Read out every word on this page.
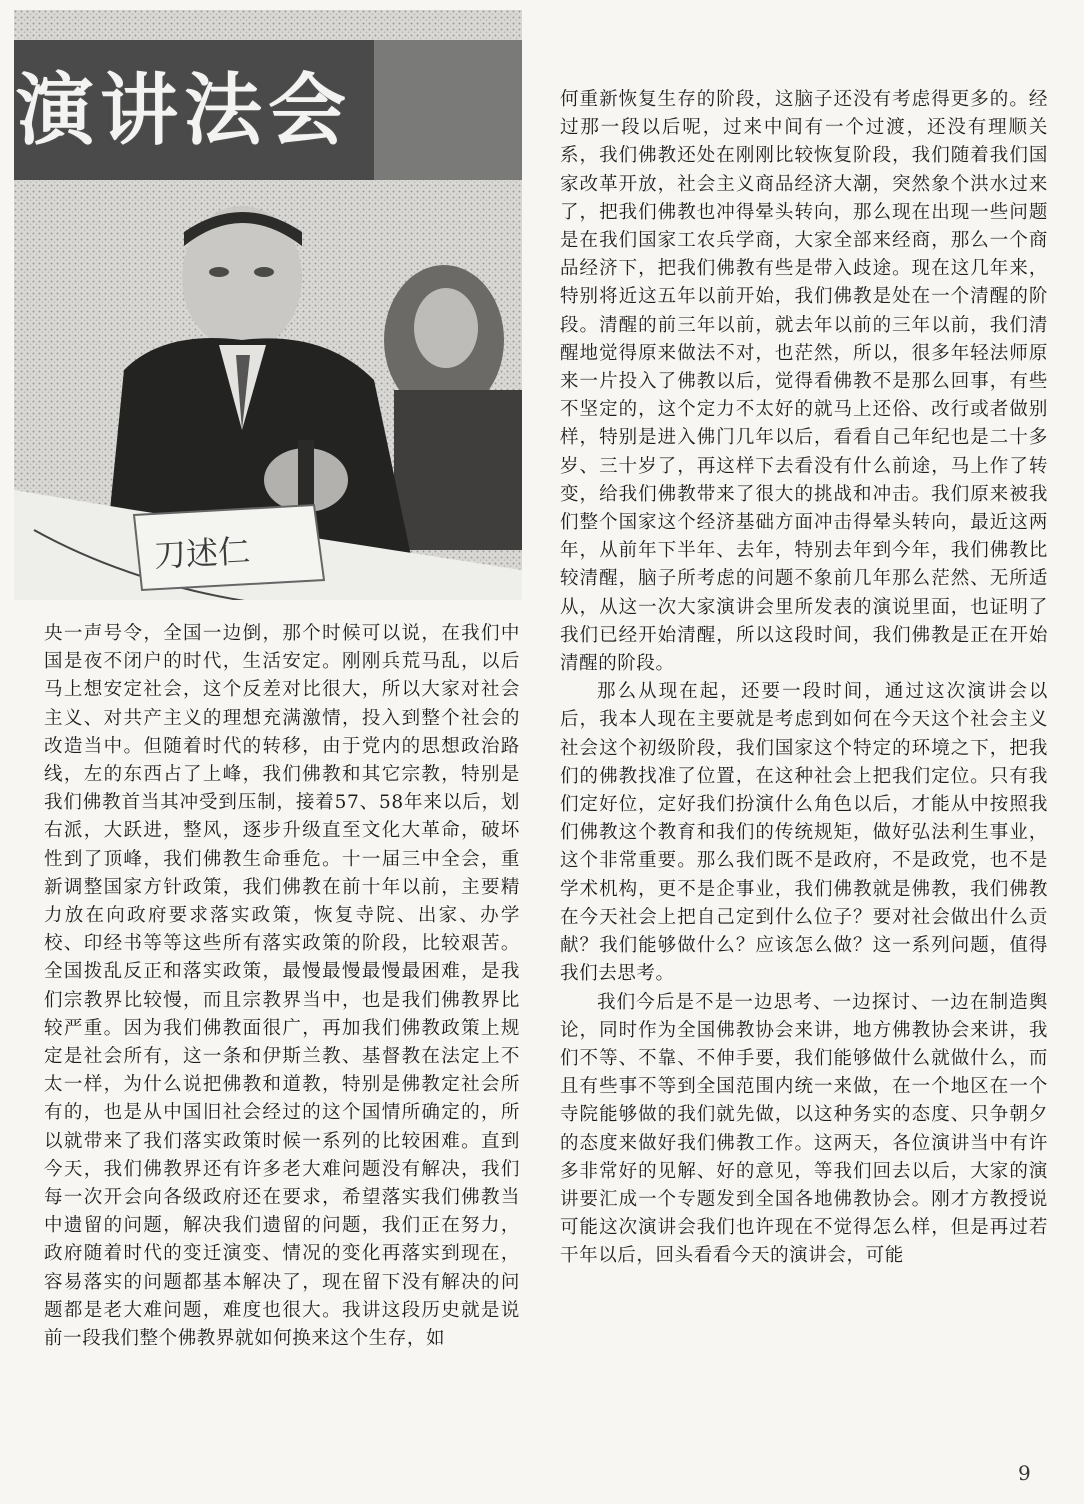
演讲法会
刀述仁

央一声号令，全国一边倒，那个时候可以说，在我们中国是夜不闭户的时代，生活安定。刚刚兵荒马乱，以后马上想安定社会，这个反差对比很大，所以大家对社会主义、对共产主义的理想充满激情，投入到整个社会的改造当中。但随着时代的转移，由于党内的思想政治路线，左的东西占了上峰，我们佛教和其它宗教，特别是我们佛教首当其冲受到压制，接着57、58年来以后，划右派，大跃进，整风，逐步升级直至文化大革命，破坏性到了顶峰，我们佛教生命垂危。十一届三中全会，重新调整国家方针政策，我们佛教在前十年以前，主要精力放在向政府要求落实政策，恢复寺院、出家、办学校、印经书等等这些所有落实政策的阶段，比较艰苦。全国拨乱反正和落实政策，最慢最慢最慢最困难，是我们宗教界比较慢，而且宗教界当中，也是我们佛教界比较严重。因为我们佛教面很广，再加我们佛教政策上规定是社会所有，这一条和伊斯兰教、基督教在法定上不太一样，为什么说把佛教和道教，特别是佛教定社会所有的，也是从中国旧社会经过的这个国情所确定的，所以就带来了我们落实政策时候一系列的比较困难。直到今天，我们佛教界还有许多老大难问题没有解决，我们每一次开会向各级政府还在要求，希望落实我们佛教当中遗留的问题，解决我们遗留的问题，我们正在努力，政府随着时代的变迁演变、情况的变化再落实到现在，容易落实的问题都基本解决了，现在留下没有解决的问题都是老大难问题，难度也很大。我讲这段历史就是说前一段我们整个佛教界就如何换来这个生存，如

何重新恢复生存的阶段，这脑子还没有考虑得更多的。经过那一段以后呢，过来中间有一个过渡，还没有理顺关系，我们佛教还处在刚刚比较恢复阶段，我们随着我们国家改革开放，社会主义商品经济大潮，突然象个洪水过来了，把我们佛教也冲得晕头转向，那么现在出现一些问题是在我们国家工农兵学商，大家全部来经商，那么一个商品经济下，把我们佛教有些是带入歧途。现在这几年来，特别将近这五年以前开始，我们佛教是处在一个清醒的阶段。清醒的前三年以前，就去年以前的三年以前，我们清醒地觉得原来做法不对，也茫然，所以，很多年轻法师原来一片投入了佛教以后，觉得看佛教不是那么回事，有些不坚定的，这个定力不太好的就马上还俗、改行或者做别样，特别是进入佛门几年以后，看看自己年纪也是二十多岁、三十岁了，再这样下去看没有什么前途，马上作了转变，给我们佛教带来了很大的挑战和冲击。我们原来被我们整个国家这个经济基础方面冲击得晕头转向，最近这两年，从前年下半年、去年，特别去年到今年，我们佛教比较清醒，脑子所考虑的问题不象前几年那么茫然、无所适从，从这一次大家演讲会里所发表的演说里面，也证明了我们已经开始清醒，所以这段时间，我们佛教是正在开始清醒的阶段。

那么从现在起，还要一段时间，通过这次演讲会以后，我本人现在主要就是考虑到如何在今天这个社会主义社会这个初级阶段，我们国家这个特定的环境之下，把我们的佛教找准了位置，在这种社会上把我们定位。只有我们定好位，定好我们扮演什么角色以后，才能从中按照我们佛教这个教育和我们的传统规矩，做好弘法利生事业，这个非常重要。那么我们既不是政府，不是政党，也不是学术机构，更不是企事业，我们佛教就是佛教，我们佛教在今天社会上把自己定到什么位子？要对社会做出什么贡献？我们能够做什么？应该怎么做？这一系列问题，值得我们去思考。

我们今后是不是一边思考、一边探讨、一边在制造舆论，同时作为全国佛教协会来讲，地方佛教协会来讲，我们不等、不靠、不伸手要，我们能够做什么就做什么，而且有些事不等到全国范围内统一来做，在一个地区在一个寺院能够做的我们就先做，以这种务实的态度、只争朝夕的态度来做好我们佛教工作。这两天，各位演讲当中有许多非常好的见解、好的意见，等我们回去以后，大家的演讲要汇成一个专题发到全国各地佛教协会。刚才方教授说可能这次演讲会我们也许现在不觉得怎么样，但是再过若干年以后，回头看看今天的演讲会，可能

9
